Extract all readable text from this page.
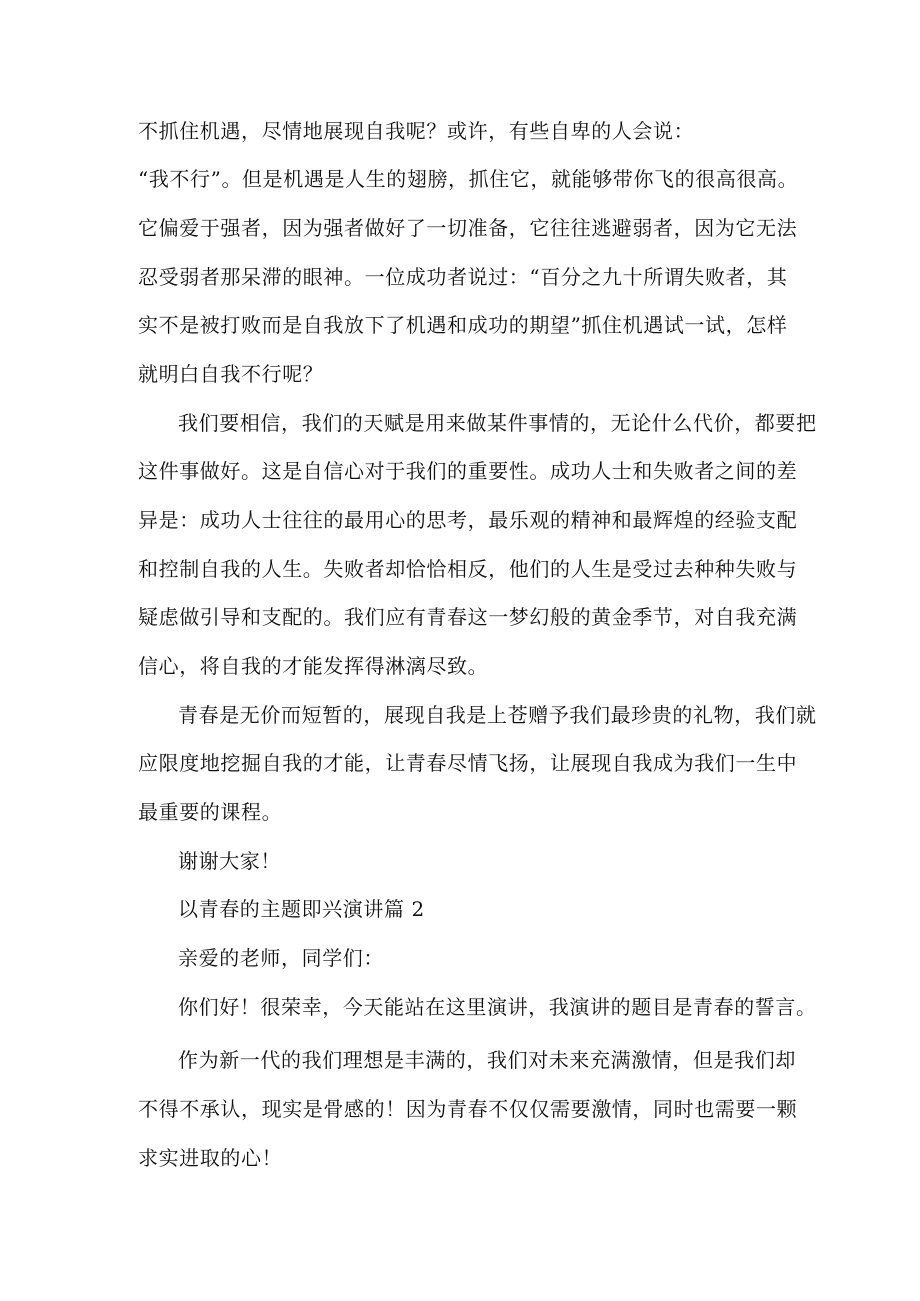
不抓住机遇，尽情地展现自我呢？或许，有些自卑的人会说：
“我不行”。但是机遇是人生的翅膀，抓住它，就能够带你飞的很高很高。
它偏爱于强者，因为强者做好了一切准备，它往往逃避弱者，因为它无法
忍受弱者那呆滞的眼神。一位成功者说过：“百分之九十所谓失败者，其
实不是被打败而是自我放下了机遇和成功的期望”抓住机遇试一试，怎样
就明白自我不行呢？
我们要相信，我们的天赋是用来做某件事情的，无论什么代价，都要把
这件事做好。这是自信心对于我们的重要性。成功人士和失败者之间的差
异是：成功人士往往的最用心的思考，最乐观的精神和最辉煌的经验支配
和控制自我的人生。失败者却恰恰相反，他们的人生是受过去种种失败与
疑虑做引导和支配的。我们应有青春这一梦幻般的黄金季节，对自我充满
信心，将自我的才能发挥得淋漓尽致。
青春是无价而短暂的，展现自我是上苍赠予我们最珍贵的礼物，我们就
应限度地挖掘自我的才能，让青春尽情飞扬，让展现自我成为我们一生中
最重要的课程。
谢谢大家！
以青春的主题即兴演讲篇 2
亲爱的老师，同学们：
你们好！很荣幸，今天能站在这里演讲，我演讲的题目是青春的誓言。
作为新一代的我们理想是丰满的，我们对未来充满激情，但是我们却
不得不承认，现实是骨感的！因为青春不仅仅需要激情，同时也需要一颗
求实进取的心！
